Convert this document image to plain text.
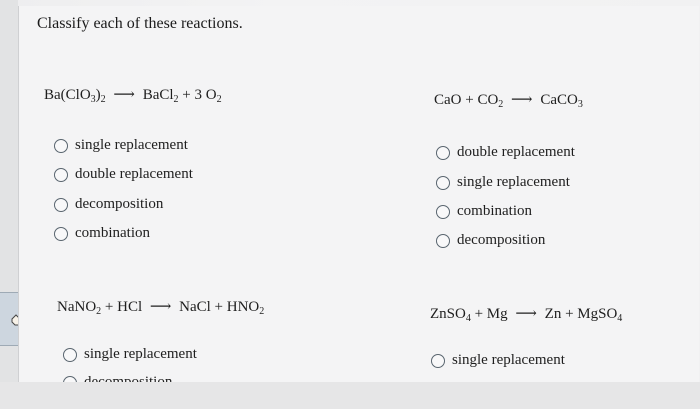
Classify each of these reactions.
$Ba(ClO_3)_2$ ⟶ BaCl$_2$ + 3 $O_2$	CaO + $CO_2$ ⟶ CaCO$_3$
single replacement
double replacement
decomposition
combination
double replacement
single replacement
combination
decomposition
NaNO$_2$ + HCl ⟶ NaCl + $HNO_2$	ZnSO$_4$ + Mg ⟶ Zn + MgSO$_4$
single replacement	single replacement
